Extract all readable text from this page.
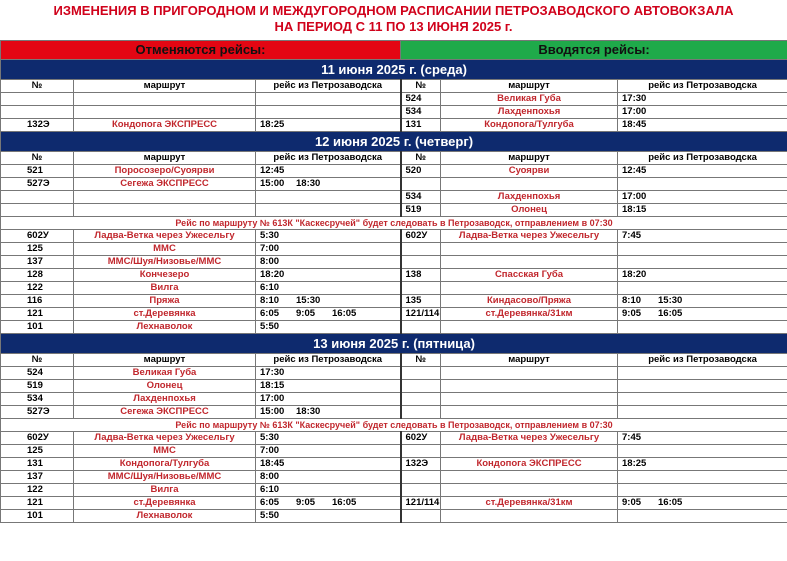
ИЗМЕНЕНИЯ В ПРИГОРОДНОМ И МЕЖДУГОРОДНОМ РАСПИСАНИИ ПЕТРОЗАВОДСКОГО АВТОВОКЗАЛА
НА ПЕРИОД С 11 ПО 13 ИЮНЯ 2025 г.
Отменяются рейсы:			Вводятся рейсы:		
11 июня 2025 г. (среда)					
№	маршрут	рейс из Петрозаводска	№	маршрут	рейс из Петрозаводска
			524	Великая Губа	17:30
			534	Лахденпохья	17:00
132Э	Кондопога ЭКСПРЕСС	18:25	131	Кондопога/Тулгуба	18:45
12 июня 2025 г. (четверг)					
№	маршрут	рейс из Петрозаводска	№	маршрут	рейс из Петрозаводска
521	Поросозеро/Суоярви	12:45	520	Суоярви	12:45
527Э	Сегежа ЭКСПРЕСС	15:00 18:30			
			534	Лахденпохья	17:00
			519	Олонец	18:15
Рейс по маршруту № 613К "Каскесручей" будет следовать в Петрозаводск, отправлением в 07:30					
602У	Ладва-Ветка через Ужесельгу	5:30	602У	Ладва-Ветка через Ужесельгу	7:45
125	ММС	7:00			
137	ММС/Шуя/Низовье/ММС	8:00			
128	Кончезеро	18:20	138	Спасская Губа	18:20
122	Вилга	6:10			
116	Пряжа	8:10 15:30	135	Киндасово/Пряжа	8:10 15:30
121	ст.Деревянка	6:05 9:05 16:05	121/114	ст.Деревянка/31км	9:05 16:05
101	Лехнаволок	5:50			
13 июня 2025 г. (пятница)					
№	маршрут	рейс из Петрозаводска	№	маршрут	рейс из Петрозаводска
524	Великая Губа	17:30			
519	Олонец	18:15			
534	Лахденпохья	17:00			
527Э	Сегежа ЭКСПРЕСС	15:00 18:30			
Рейс по маршруту № 613К "Каскесручей" будет следовать в Петрозаводск, отправлением в 07:30					
602У	Ладва-Ветка через Ужесельгу	5:30	602У	Ладва-Ветка через Ужесельгу	7:45
125	ММС	7:00			
131	Кондопога/Тулгуба	18:45	132Э	Кондопога ЭКСПРЕСС	18:25
137	ММС/Шуя/Низовье/ММС	8:00			
122	Вилга	6:10			
121	ст.Деревянка	6:05 9:05 16:05	121/114	ст.Деревянка/31км	9:05 16:05
101	Лехнаволок	5:50			
